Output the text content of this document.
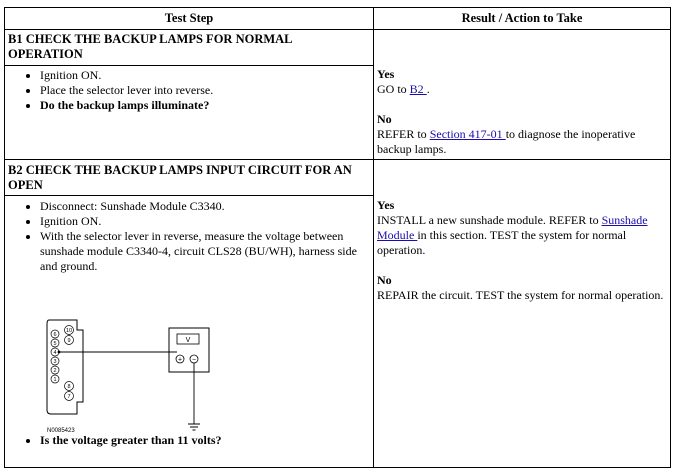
Test Step	Result / Action to Take
B1 CHECK THE BACKUP LAMPS FOR NORMAL OPERATION
• Ignition ON.
• Place the selector lever into reverse.
• Do the backup lamps illuminate?
Yes
GO to B2 .
No
REFER to Section 417-01 to diagnose the inoperative backup lamps.
B2 CHECK THE BACKUP LAMPS INPUT CIRCUIT FOR AN OPEN
• Disconnect: Sunshade Module C3340.
• Ignition ON.
• With the selector lever in reverse, measure the voltage between sunshade module C3340-4, circuit CLS28 (BU/WH), harness side and ground.
6
5
4
3
2
1
10
9
8
7
V
+ −
N0085423
• Is the voltage greater than 11 volts?
Yes
INSTALL a new sunshade module. REFER to Sunshade Module in this section. TEST the system for normal operation.
No
REPAIR the circuit. TEST the system for normal operation.
